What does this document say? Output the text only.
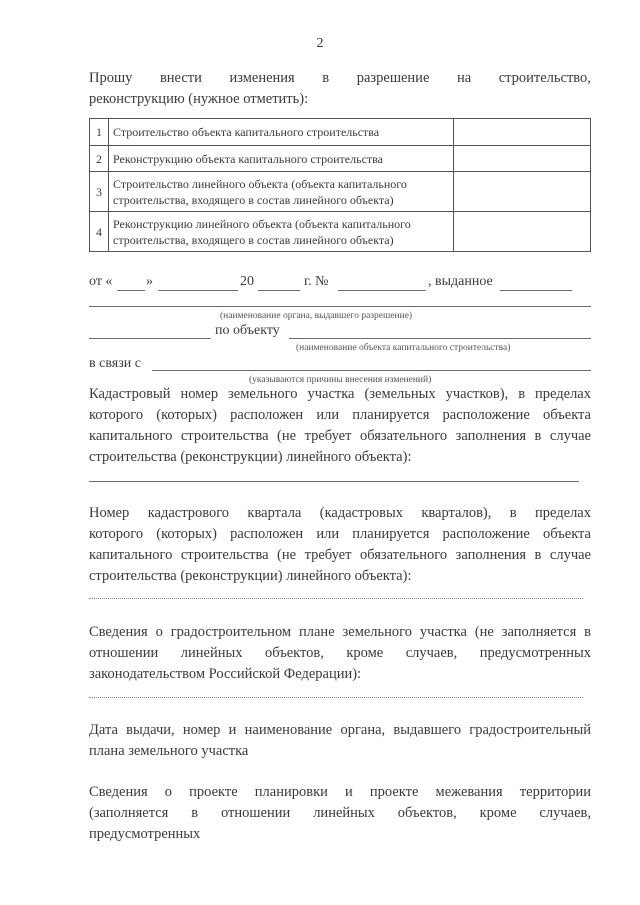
2
Прошу внести изменения в разрешение на строительство,
реконструкцию (нужное отметить):
1	Строительство объекта капитального строительства	
2	Реконструкцию объекта капитального строительства	
3	Строительство линейного объекта (объекта капитального
строительства, входящего в состав линейного объекта)	

4	Реконструкцию линейного объекта (объекта капитального
строительства, входящего в состав линейного объекта)	

от « »	20	г. №	, выданное
(наименование органа, выдавшего разрешение)
по объекту
(наименование объекта капитального строительства)
в связи с
(указываются причины внесения изменений)
Кадастровый номер земельного участка (земельных участков), в пределах
которого (которых) расположен или планируется расположение объекта
капитального строительства (не требует обязательного заполнения в случае
строительства (реконструкции) линейного объекта):
Номер кадастрового квартала (кадастровых кварталов), в пределах
которого (которых) расположен или планируется расположение объекта
капитального строительства (не требует обязательного заполнения в случае
строительства (реконструкции) линейного объекта):
Сведения о градостроительном плане земельного участка (не заполняется в
отношении линейных объектов, кроме случаев, предусмотренных
законодательством Российской Федерации):
Дата выдачи, номер и наименование органа, выдавшего градостроительный
плана земельного участка
Сведения о проекте планировки и проекте межевания территории
(заполняется в отношении линейных объектов, кроме случаев,
предусмотренных
